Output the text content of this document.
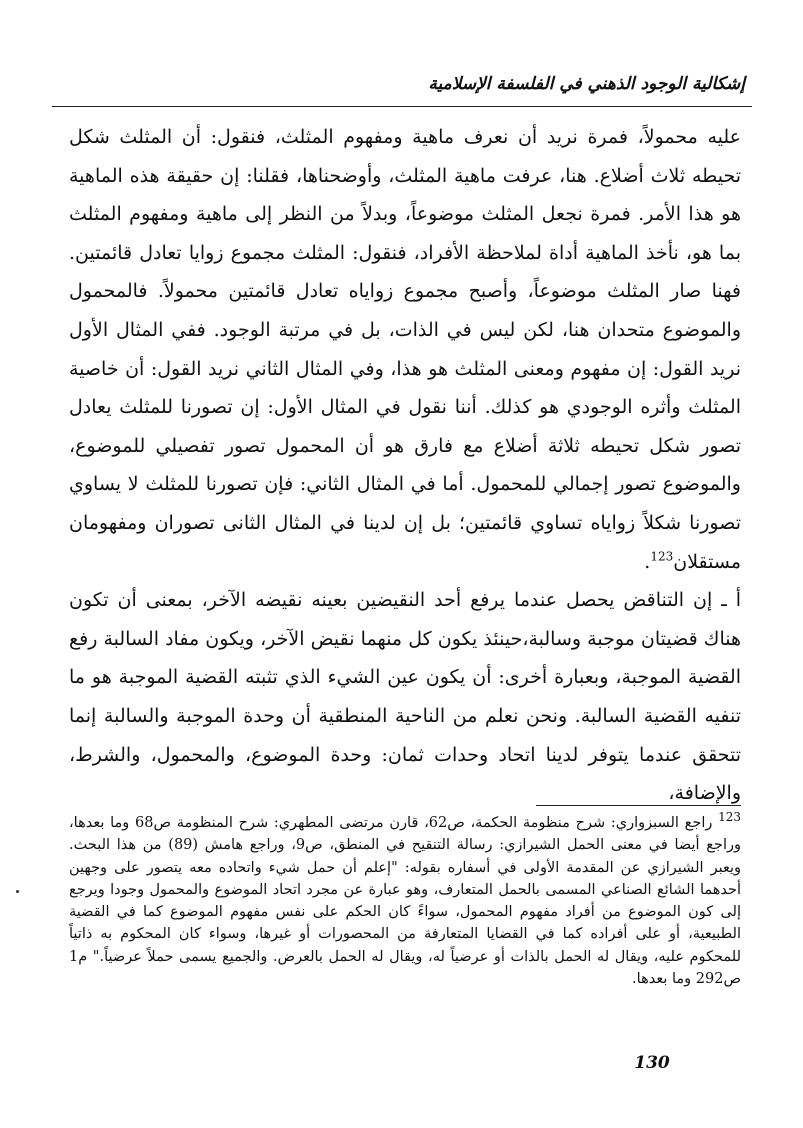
إشكالية الوجود الذهني في الفلسفة الإسلامية

عليه محمولاً، فمرة نريد أن نعرف ماهية ومفهوم المثلث، فنقول: أن المثلث شكل تحيطه ثلاث أضلاع. هنا، عرفت ماهية المثلث، وأوضحناها، فقلنا: إن حقيقة هذه الماهية هو هذا الأمر. فمرة نجعل المثلث موضوعاً، وبدلاً من النظر إلى ماهية ومفهوم المثلث بما هو، نأخذ الماهية أداة لملاحظة الأفراد، فنقول: المثلث مجموع زوايا تعادل قائمتين. فهنا صار المثلث موضوعاً، وأصبح مجموع زواياه تعادل قائمتين محمولاً. فالمحمول والموضوع متحدان هنا، لكن ليس في الذات، بل في مرتبة الوجود. ففي المثال الأول نريد القول: إن مفهوم ومعنى المثلث هو هذا، وفي المثال الثاني نريد القول: أن خاصية المثلث وأثره الوجودي هو كذلك. أننا نقول في المثال الأول: إن تصورنا للمثلث يعادل تصور شكل تحيطه ثلاثة أضلاع مع فارق هو أن المحمول تصور تفصيلي للموضوع، والموضوع تصور إجمالي للمحمول. أما في المثال الثاني: فإن تصورنا للمثلث لا يساوي تصورنا شكلاً زواياه تساوي قائمتين؛ بل إن لدينا في المثال الثانى تصوران ومفهومان مستقلان$^{123}$.

أ ـ إن التناقض يحصل عندما يرفع أحد النقيضين بعينه نقيضه الآخر، بمعنى أن تكون هناك قضيتان موجبة وسالبة،حينئذ يكون كل منهما نقيض الآخر، ويكون مفاد السالبة رفع القضية الموجبة، وبعبارة أخرى: أن يكون عين الشيء الذي تثبته القضية الموجبة هو ما تنفيه القضية السالبة. ونحن نعلم من الناحية المنطقية أن وحدة الموجبة والسالبة إنما تتحقق عندما يتوفر لدينا اتحاد وحدات ثمان: وحدة الموضوع، والمحمول، والشرط، والإضافة،

$^{123}$ راجع السبزواري: شرح منظومة الحكمة، ص62، قارن مرتضى المطهري: شرح المنظومة ص68 وما بعدها، وراجع أيضا في معنى الحمل الشيرازي: رسالة التنقيح في المنطق، ص9، وراجع هامش (89) من هذا البحث. ويعبر الشيرازي عن المقدمة الأولى في أسفاره بقوله: "إعلم أن حمل شيء واتحاده معه يتصور على وجهين أحدهما الشائع الصناعي المسمى بالحمل المتعارف، وهو عبارة عن مجرد اتحاد الموضوع والمحمول وجودا ويرجع إلى كون الموضوع من أفراد مفهوم المحمول، سواءً كان الحكم على نفس مفهوم الموضوع كما في القضية الطبيعية، أو على أفراده كما في القضايا المتعارفة من المحصورات أو غيرها، وسواء كان المحكوم به ذاتياً للمحكوم عليه، ويقال له الحمل بالذات أو عرضياً له، ويقال له الحمل بالعرض. والجميع يسمى حملاً عرضياً." م1 ص292 وما بعدها.

130
